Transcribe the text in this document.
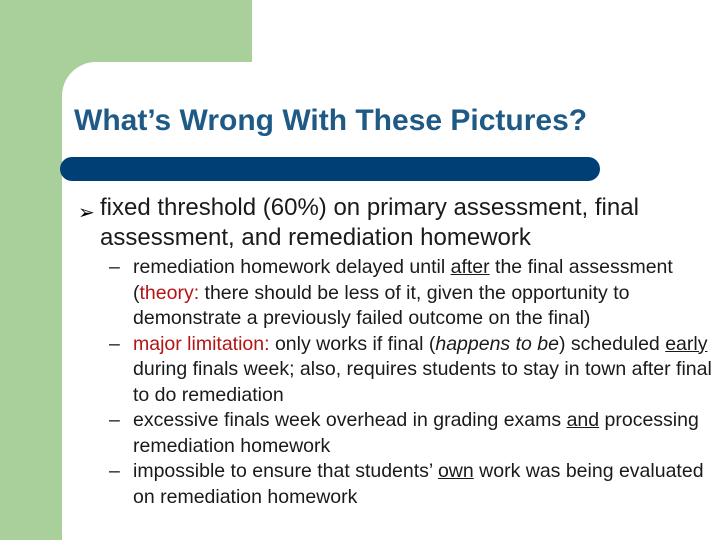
What’s Wrong With These Pictures?
➢ fixed threshold (60%) on primary assessment, final assessment, and remediation homework

– remediation homework delayed until after the final assessment (theory: there should be less of it, given the opportunity to demonstrate a previously failed outcome on the final)
– major limitation: only works if final (happens to be) scheduled early during finals week; also, requires students to stay in town after final to do remediation
– excessive finals week overhead in grading exams and processing remediation homework
– impossible to ensure that students’ own work was being evaluated on remediation homework
